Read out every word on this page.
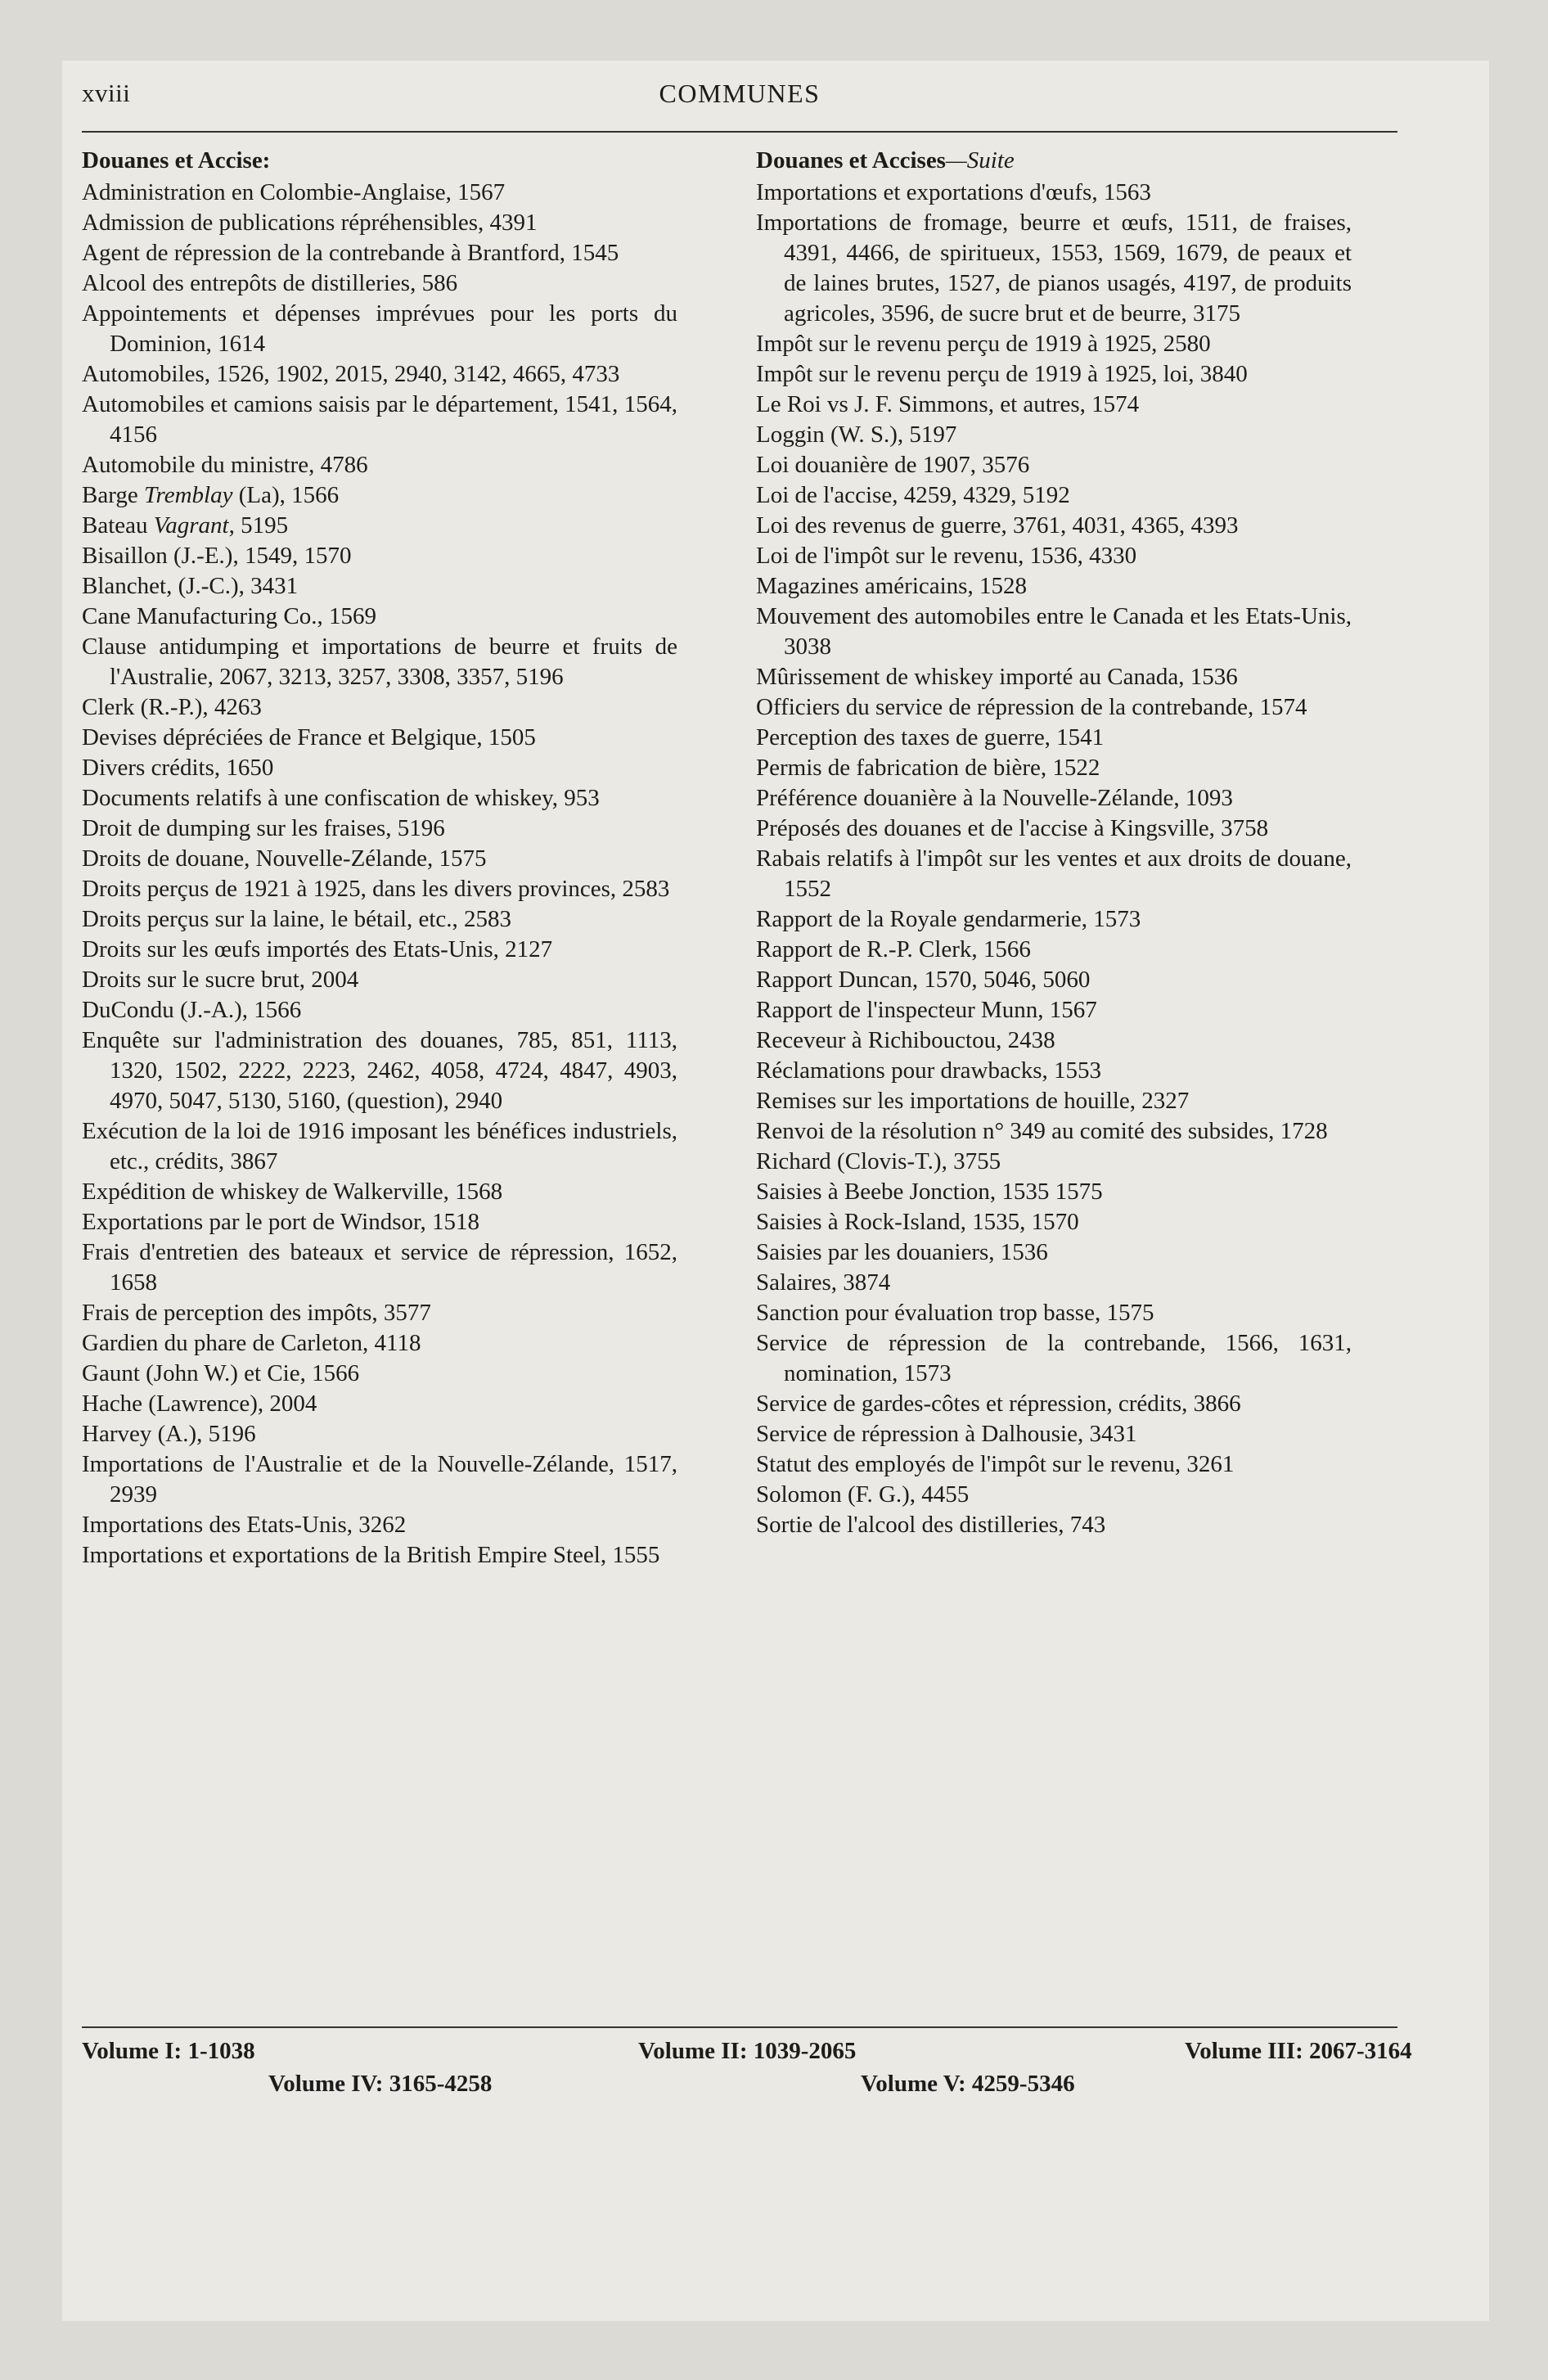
xviii	COMMUNES
Douanes et Accise:

Administration en Colombie-Anglaise, 1567

Admission de publications répréhensibles, 4391

Agent de répression de la contrebande à Brantford, 1545

Alcool des entrepôts de distilleries, 586

Appointements et dépenses imprévues pour les ports du Dominion, 1614

Automobiles, 1526, 1902, 2015, 2940, 3142, 4665, 4733

Automobiles et camions saisis par le département, 1541, 1564, 4156

Automobile du ministre, 4786

Barge Tremblay (La), 1566

Bateau Vagrant, 5195

Bisaillon (J.-E.), 1549, 1570

Blanchet, (J.-C.), 3431

Cane Manufacturing Co., 1569

Clause antidumping et importations de beurre et fruits de l'Australie, 2067, 3213, 3257, 3308, 3357, 5196

Clerk (R.-P.), 4263

Devises dépréciées de France et Belgique, 1505

Divers crédits, 1650

Documents relatifs à une confiscation de whiskey, 953

Droit de dumping sur les fraises, 5196

Droits de douane, Nouvelle-Zélande, 1575

Droits perçus de 1921 à 1925, dans les divers provinces, 2583

Droits perçus sur la laine, le bétail, etc., 2583

Droits sur les œufs importés des Etats-Unis, 2127

Droits sur le sucre brut, 2004

DuCondu (J.-A.), 1566

Enquête sur l'administration des douanes, 785, 851, 1113, 1320, 1502, 2222, 2223, 2462, 4058, 4724, 4847, 4903, 4970, 5047, 5130, 5160, (question), 2940

Exécution de la loi de 1916 imposant les bénéfices industriels, etc., crédits, 3867

Expédition de whiskey de Walkerville, 1568

Exportations par le port de Windsor, 1518

Frais d'entretien des bateaux et service de répression, 1652, 1658

Frais de perception des impôts, 3577

Gardien du phare de Carleton, 4118

Gaunt (John W.) et Cie, 1566

Hache (Lawrence), 2004

Harvey (A.), 5196

Importations de l'Australie et de la Nouvelle-Zélande, 1517, 2939

Importations des Etats-Unis, 3262

Importations et exportations de la British Empire Steel, 1555

Douanes et Accises—Suite

Importations et exportations d'œufs, 1563

Importations de fromage, beurre et œufs, 1511, de fraises, 4391, 4466, de spiritueux, 1553, 1569, 1679, de peaux et de laines brutes, 1527, de pianos usagés, 4197, de produits agricoles, 3596, de sucre brut et de beurre, 3175

Impôt sur le revenu perçu de 1919 à 1925, 2580

Impôt sur le revenu perçu de 1919 à 1925, loi, 3840

Le Roi vs J. F. Simmons, et autres, 1574

Loggin (W. S.), 5197

Loi douanière de 1907, 3576

Loi de l'accise, 4259, 4329, 5192

Loi des revenus de guerre, 3761, 4031, 4365, 4393

Loi de l'impôt sur le revenu, 1536, 4330

Magazines américains, 1528

Mouvement des automobiles entre le Canada et les Etats-Unis, 3038

Mûrissement de whiskey importé au Canada, 1536

Officiers du service de répression de la contrebande, 1574

Perception des taxes de guerre, 1541

Permis de fabrication de bière, 1522

Préférence douanière à la Nouvelle-Zélande, 1093

Préposés des douanes et de l'accise à Kingsville, 3758

Rabais relatifs à l'impôt sur les ventes et aux droits de douane, 1552

Rapport de la Royale gendarmerie, 1573

Rapport de R.-P. Clerk, 1566

Rapport Duncan, 1570, 5046, 5060

Rapport de l'inspecteur Munn, 1567

Receveur à Richibouctou, 2438

Réclamations pour drawbacks, 1553

Remises sur les importations de houille, 2327

Renvoi de la résolution n° 349 au comité des subsides, 1728

Richard (Clovis-T.), 3755

Saisies à Beebe Jonction, 1535 1575

Saisies à Rock-Island, 1535, 1570

Saisies par les douaniers, 1536

Salaires, 3874

Sanction pour évaluation trop basse, 1575

Service de répression de la contrebande, 1566, 1631, nomination, 1573

Service de gardes-côtes et répression, crédits, 3866

Service de répression à Dalhousie, 3431

Statut des employés de l'impôt sur le revenu, 3261

Solomon (F. G.), 4455

Sortie de l'alcool des distilleries, 743

Volume I: 1-1038	Volume II: 1039-2065	Volume III: 2067-3164
Volume IV: 3165-4258	Volume V: 4259-5346
